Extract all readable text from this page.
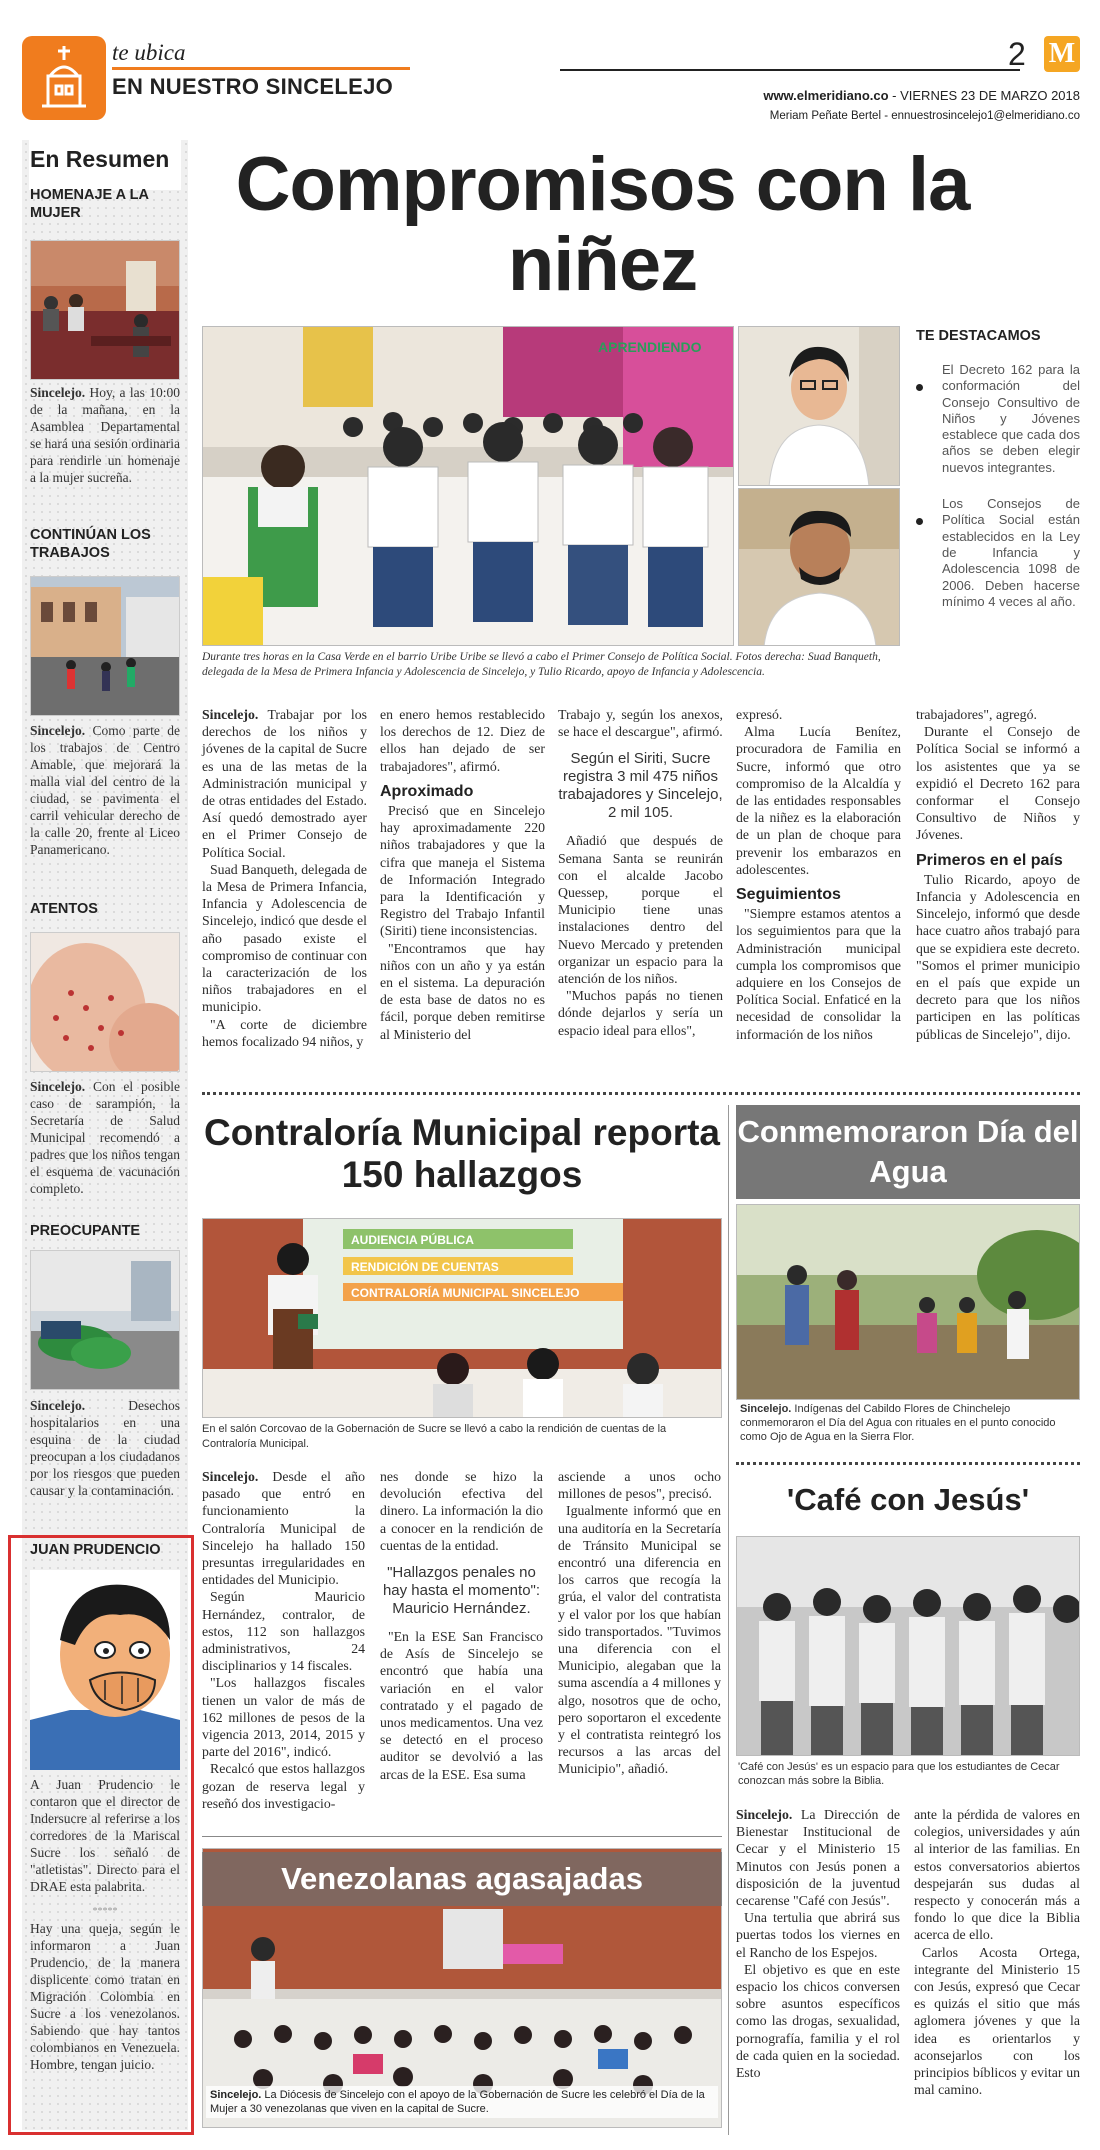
te ubica
EN NUESTRO SINCELEJO
2 M
www.elmeridiano.co - VIERNES 23 DE MARZO 2018
Meriam Peñate Bertel - ennuestrosincelejo1@elmeridiano.co
En Resumen
HOMENAJE A LA MUJER
Sincelejo. Hoy, a las 10:00 de la mañana, en la Asamblea Departamental se hará una sesión ordinaria para rendirle un homenaje a la mujer sucreña.
CONTINÚAN LOS TRABAJOS
Sincelejo. Como parte de los trabajos de Centro Amable, que mejorará la malla vial del centro de la ciudad, se pavimenta el carril vehicular derecho de la calle 20, frente al Liceo Panamericano.
ATENTOS
Sincelejo. Con el posible caso de sarampión, la Secretaría de Salud Municipal recomendó a padres que los niños tengan el esquema de vacunación completo.
PREOCUPANTE
Sincelejo. Desechos hospitalarios en una esquina de la ciudad preocupan a los ciudadanos por los riesgos que pueden causar y la contaminación.
JUAN PRUDENCIO
A Juan Prudencio le contaron que el director de Indersucre al referirse a los corredores de la Mariscal Sucre los señaló de "atletistas". Directo para el DRAE esta palabrita.
*****
Hay una queja, según le informaron a Juan Prudencio, de la manera displicente como tratan en Migración Colombia en Sucre a los venezolanos. Sabiendo que hay tantos colombianos en Venezuela. Hombre, tengan juicio.
Compromisos con la niñez
APRENDIENDO
Durante tres horas en la Casa Verde en el barrio Uribe Uribe se llevó a cabo el Primer Consejo de Política Social. Fotos derecha: Suad Banqueth, delegada de la Mesa de Primera Infancia y Adolescencia de Sincelejo, y Tulio Ricardo, apoyo de Infancia y Adolescencia.
TE DESTACAMOS
El Decreto 162 para la conformación del Consejo Consultivo de Niños y Jóvenes establece que cada dos años se deben elegir nuevos integrantes.
Los Consejos de Política Social están establecidos en la Ley de Infancia y Adolescencia 1098 de 2006. Deben hacerse mínimo 4 veces al año.

Sincelejo. Trabajar por los derechos de los niños y jóvenes de la capital de Sucre es una de las metas de la Administración municipal y de otras entidades del Estado. Así quedó demostrado ayer en el Primer Consejo de Política Social.

Suad Banqueth, delegada de la Mesa de Primera Infancia, Infancia y Adolescencia de Sincelejo, indicó que desde el año pasado existe el compromiso de continuar con la caracterización de los niños trabajadores en el municipio.

"A corte de diciembre hemos focalizado 94 niños, y

en enero hemos restablecido los derechos de 12. Diez de ellos han dejado de ser trabajadores", afirmó.

Aproximado

Precisó que en Sincelejo hay aproximadamente 220 niños trabajadores y que la cifra que maneja el Sistema de Información Integrado para la Identificación y Registro del Trabajo Infantil (Siriti) tiene inconsistencias.

"Encontramos que hay niños con un año y ya están en el sistema. La depuración de esta base de datos no es fácil, porque deben remitirse al Ministerio del

Trabajo y, según los anexos, se hace el descargue", afirmó.

Según el Siriti, Sucre registra 3 mil 475 niños trabajadores y Sincelejo, 2 mil 105.

Añadió que después de Semana Santa se reunirán con el alcalde Jacobo Quessep, porque el Municipio tiene unas instalaciones dentro del Nuevo Mercado y pretenden organizar un espacio para la atención de los niños.

"Muchos papás no tienen dónde dejarlos y sería un espacio ideal para ellos",

expresó.

Alma Lucía Benítez, procuradora de Familia en Sucre, informó que otro compromiso de la Alcaldía y de las entidades responsables de la niñez es la elaboración de un plan de choque para prevenir los embarazos en adolescentes.

Seguimientos

"Siempre estamos atentos a los seguimientos para que la Administración municipal cumpla los compromisos que adquiere en los Consejos de Política Social. Enfaticé en la necesidad de consolidar la información de los niños

trabajadores", agregó.

Durante el Consejo de Política Social se informó a los asistentes que ya se expidió el Decreto 162 para conformar el Consejo Consultivo de Niños y Jóvenes.

Primeros en el país

Tulio Ricardo, apoyo de Infancia y Adolescencia en Sincelejo, informó que desde hace cuatro años trabajó para que se expidiera este decreto. "Somos el primer municipio en el país que expide un decreto para que los niños participen en las políticas públicas de Sincelejo", dijo.

Contraloría Municipal reporta 150 hallazgos
AUDIENCIA PÚBLICA
RENDICIÓN DE CUENTAS
CONTRALORÍA MUNICIPAL SINCELEJO
En el salón Corcovao de la Gobernación de Sucre se llevó a cabo la rendición de cuentas de la Contraloría Municipal.

Sincelejo. Desde el año pasado que entró en funcionamiento la Contraloría Municipal de Sincelejo ha hallado 150 presuntas irregularidades en entidades del Municipio.

Según Mauricio Hernández, contralor, de estos, 112 son hallazgos administrativos, 24 disciplinarios y 14 fiscales.

"Los hallazgos fiscales tienen un valor de más de 162 millones de pesos de la vigencia 2013, 2014, 2015 y parte del 2016", indicó.

Recalcó que estos hallazgos gozan de reserva legal y reseñó dos investigacio-

nes donde se hizo la devolución efectiva del dinero. La información la dio a conocer en la rendición de cuentas de la entidad.

"Hallazgos penales no hay hasta el momento": Mauricio Hernández.

"En la ESE San Francisco de Asís de Sincelejo se encontró que había una variación en el valor contratado y el pagado de unos medicamentos. Una vez se detectó en el proceso auditor se devolvió a las arcas de la ESE. Esa suma

asciende a unos ocho millones de pesos", precisó.

Igualmente informó que en una auditoría en la Secretaría de Tránsito Municipal se encontró una diferencia en los carros que recogía la grúa, el valor del contratista y el valor por los que habían sido transportados. "Tuvimos una diferencia con el Municipio, alegaban que la suma ascendía a 4 millones y algo, nosotros que de ocho, pero soportaron el excedente y el contratista reintegró los recursos a las arcas del Municipio", añadió.

Venezolanas agasajadas
Sincelejo. La Diócesis de Sincelejo con el apoyo de la Gobernación de Sucre les celebró el Día de la Mujer a 30 venezolanas que viven en la capital de Sucre.
Conmemoraron Día del Agua
Sincelejo. Indígenas del Cabildo Flores de Chinchelejo conmemoraron el Día del Agua con rituales en el punto conocido como Ojo de Agua en la Sierra Flor.
'Café con Jesús'
'Café con Jesús' es un espacio para que los estudiantes de Cecar conozcan más sobre la Biblia.

Sincelejo. La Dirección de Bienestar Institucional de Cecar y el Ministerio 15 Minutos con Jesús ponen a disposición de la juventud cecarense "Café con Jesús".

Una tertulia que abrirá sus puertas todos los viernes en el Rancho de los Espejos.

El objetivo es que en este espacio los chicos conversen sobre asuntos específicos como las drogas, sexualidad, pornografía, familia y el rol de cada quien en la sociedad. Esto

ante la pérdida de valores en colegios, universidades y aún al interior de las familias. En estos conversatorios abiertos despejarán sus dudas al respecto y conocerán más a fondo lo que dice la Biblia acerca de ello.

Carlos Acosta Ortega, integrante del Ministerio 15 con Jesús, expresó que Cecar es quizás el sitio que más aglomera jóvenes y que la idea es orientarlos y aconsejarlos con los principios bíblicos y evitar un mal camino.
